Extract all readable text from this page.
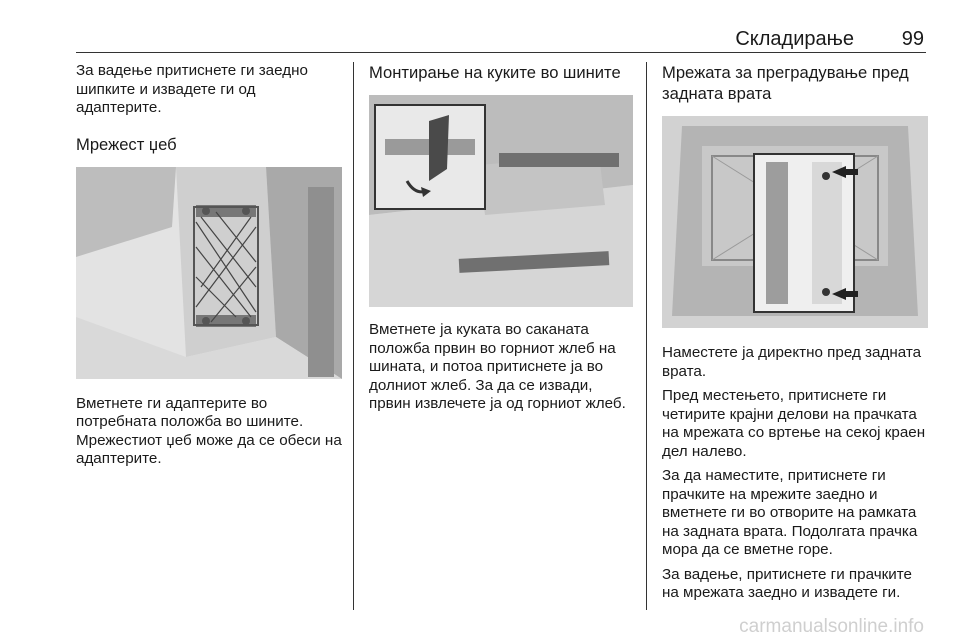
Складирање 99

За вадење притиснете ги заедно шипките и извадете ги од адаптерите.

Мрежест џеб

Вметнете ги адаптерите во потребната положба во шините. Мрежестиот џеб може да се обеси на адаптерите.

Монтирање на куките во шините

Вметнете ја куката во саканата положба првин во горниот жлеб на шината, и потоа притиснете ја во долниот жлеб. За да се извади, првин извлечете ја од горниот жлеб.

Мрежата за преградување пред задната врата

Наместете ја директно пред задната врата.

Пред местењето, притиснете ги четирите крајни делови на прачката на мрежата со вртење на секој краен дел налево.

За да наместите, притиснете ги прачките на мрежите заедно и вметнете ги во отворите на рамката на задната врата. Подолгата прачка мора да се вметне горе.

За вадење, притиснете ги прачките на мрежата заедно и извадете ги.

carmanualsonline.info
